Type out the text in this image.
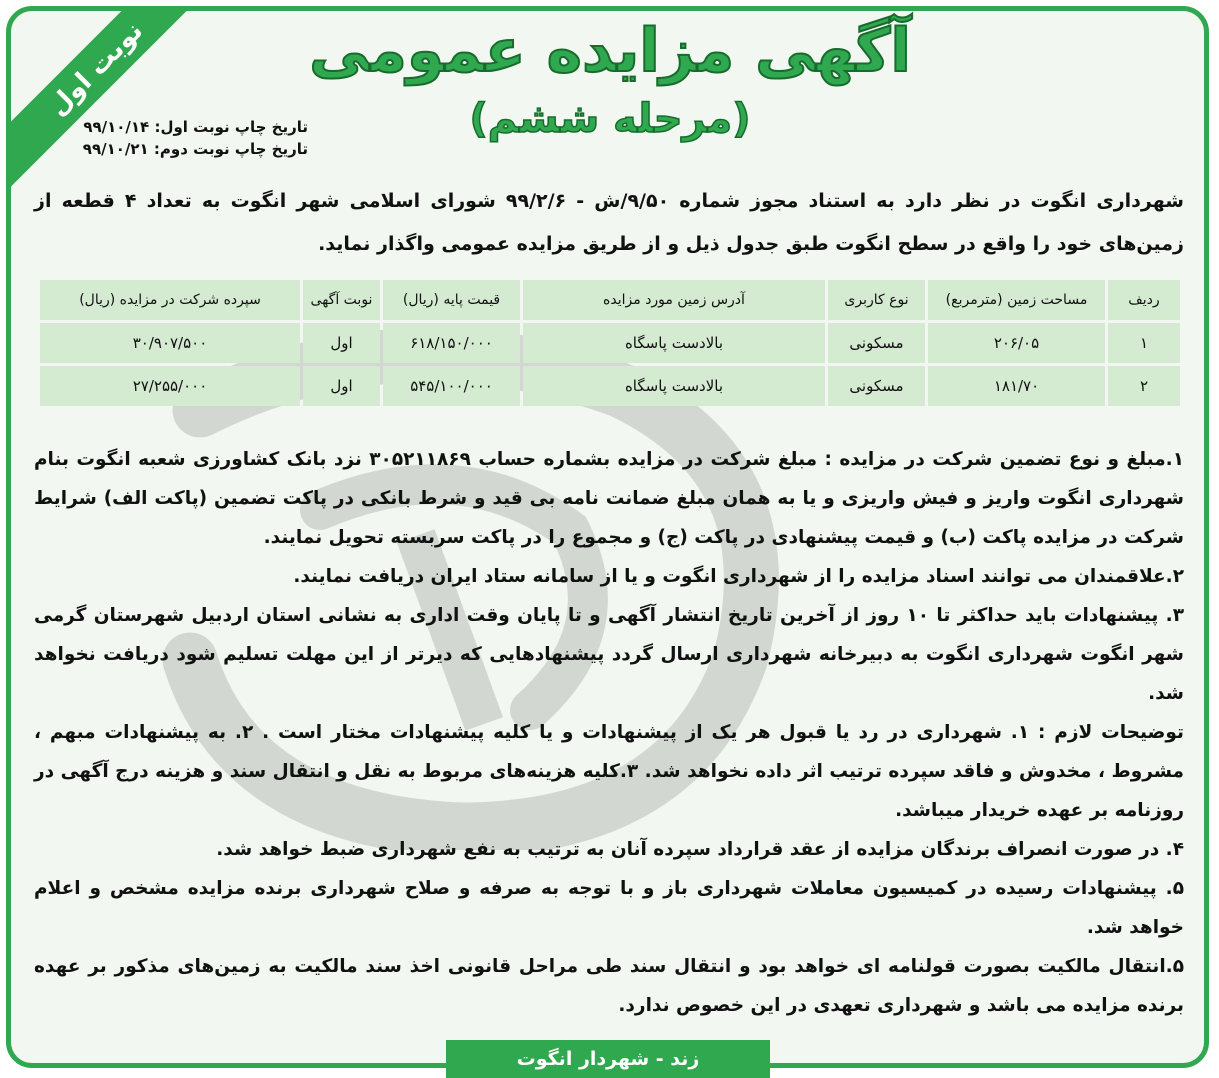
نوبت اول	آگهی مزایده عمومی
(مرحله ششم)
تاریخ چاپ نوبت اول: ۹۹/۱۰/۱۴
تاریخ چاپ نوبت دوم: ۹۹/۱۰/۲۱
شهرداری انگوت در نظر دارد به استناد مجوز شماره ۹/۵۰/ش - ۹۹/۲/۶ شورای اسلامی شهر انگوت به تعداد ۴ قطعه از زمین‌های خود را واقع در سطح انگوت طبق جدول ذیل و از طریق مزایده عمومی واگذار نماید.
ردیف	مساحت زمین (مترمربع)	نوع کاربری	آدرس زمین مورد مزایده	قیمت پایه (ریال)	نوبت آگهی	سپرده شرکت در مزایده (ریال)
۱	۲۰۶/۰۵	مسکونی	بالادست پاسگاه	۶۱۸/۱۵۰/۰۰۰	اول	۳۰/۹۰۷/۵۰۰
۲	۱۸۱/۷۰	مسکونی	بالادست پاسگاه	۵۴۵/۱۰۰/۰۰۰	اول	۲۷/۲۵۵/۰۰۰

۱.مبلغ و نوع تضمین شرکت در مزایده : مبلغ شرکت در مزایده بشماره حساب ۳۰۵۲۱۱۸۶۹ نزد بانک کشاورزی شعبه انگوت بنام شهرداری انگوت واریز و فیش واریزی و یا به همان مبلغ ضمانت نامه بی قید و شرط بانکی در پاکت تضمین (پاکت الف) شرایط شرکت در مزایده پاکت (ب) و قیمت پیشنهادی در پاکت (ج) و مجموع را در پاکت سربسته تحویل نمایند.

۲.علاقمندان می توانند اسناد مزایده را از شهرداری انگوت و یا از سامانه ستاد ایران دریافت نمایند.

۳. پیشنهادات باید حداکثر تا ۱۰ روز از آخرین تاریخ انتشار آگهی و تا پایان وقت اداری به نشانی استان اردبیل شهرستان گرمی شهر انگوت شهرداری انگوت به دبیرخانه شهرداری ارسال گردد پیشنهادهایی که دیرتر از این مهلت تسلیم شود دریافت نخواهد شد.

توضیحات لازم : ۱. شهرداری در رد یا قبول هر یک از پیشنهادات و یا کلیه پیشنهادات مختار است . ۲. به پیشنهادات مبهم ، مشروط ، مخدوش و فاقد سپرده ترتیب اثر داده نخواهد شد. ۳.کلیه هزینه‌های مربوط به نقل و انتقال سند و هزینه درج آگهی در روزنامه بر عهده خریدار میباشد.

۴. در صورت انصراف برندگان مزایده از عقد قرارداد سپرده آنان به ترتیب به نفع شهرداری ضبط خواهد شد.

۵. پیشنهادات رسیده در کمیسیون معاملات شهرداری باز و با توجه به صرفه و صلاح شهرداری برنده مزایده مشخص و اعلام خواهد شد.

۵.انتقال مالکیت بصورت قولنامه ای خواهد بود و انتقال سند طی مراحل قانونی اخذ سند مالکیت به زمین‌های مذکور بر عهده برنده مزایده می باشد و شهرداری تعهدی در این خصوص ندارد.

زند - شهردار انگوت
